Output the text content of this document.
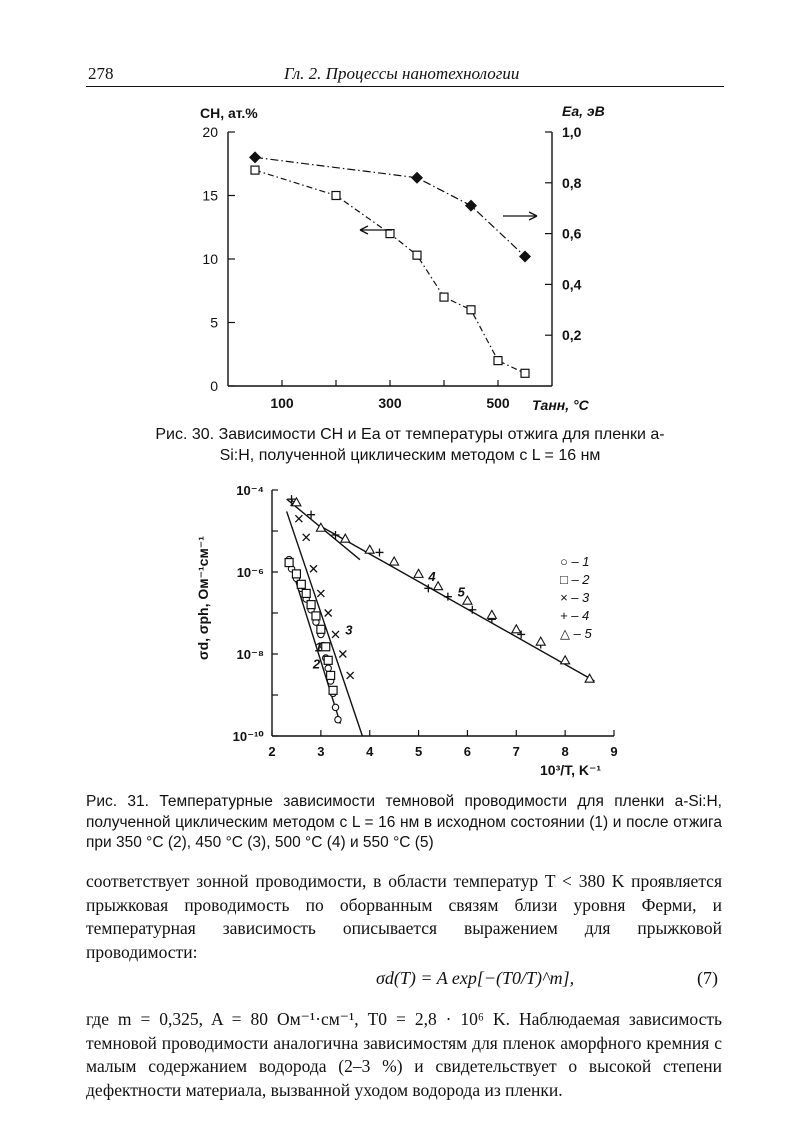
278	Гл. 2. Процессы нанотехнологии
0
5
10
15
20
0,2
0,4
0,6
0,8
1,0
100	300	500
CН, ат.%	Ea, эВ
Tанн, °C
Рис. 30. Зависимости CН и Ea от температуры отжига для пленки a-Si:H, полученной циклическим методом с L = 16 нм
10⁻¹⁰
10⁻⁸
10⁻⁶
10⁻⁴
2	3	4	5	6	7	8	9
1
2
3
4
5
σd, σph, Ом⁻¹см⁻¹
10³/T, K⁻¹
○ – 1
□ – 2
× – 3
+ – 4
△ – 5
Рис. 31. Температурные зависимости темновой проводимости для пленки a-Si:H, полученной циклическим методом с L = 16 нм в исходном состоянии (1) и после отжига при 350 °C (2), 450 °C (3), 500 °C (4) и 550 °C (5)
соответствует зонной проводимости, в области температур T < 380 K проявляется прыжковая проводимость по оборванным связям близи уровня Ферми, и температурная зависимость описывается выражением для прыжковой проводимости:
σd(T) = A exp[−(T0/T)^m],	(7)
где m = 0,325, A = 80 Ом⁻¹·см⁻¹, T0 = 2,8 · 10⁶ K. Наблюдаемая зависимость темновой проводимости аналогична зависимостям для пленок аморфного кремния с малым содержанием водорода (2–3 %) и свидетельствует о высокой степени дефектности материала, вызванной уходом водорода из пленки.
